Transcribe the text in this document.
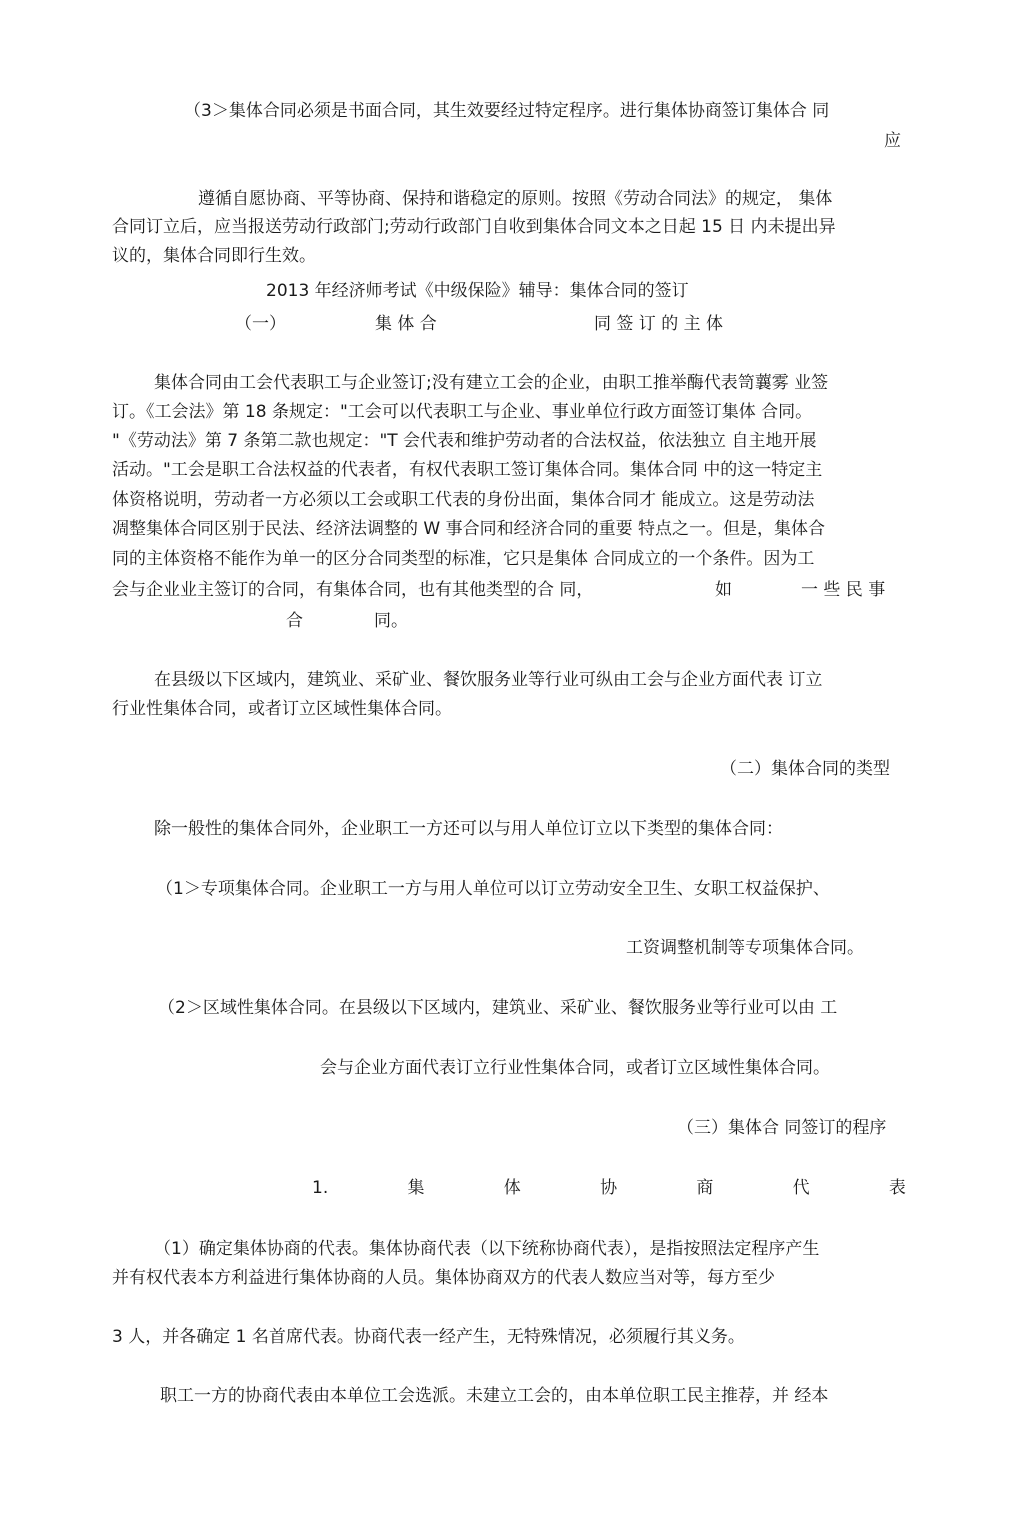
（3＞集体合同必须是书面合同，其生效要经过特定程序。进行集体协商签订集体合 同

应

遵循自愿协商、平等协商、保持和谐稳定的原则。按照《劳动合同法》的规定， 集体

合同订立后，应当报送劳动行政部门;劳动行政部门自收到集体合同文本之日起 15 日 内未提出异

议的，集体合同即行生效。

2013 年经济师考试《中级保险》辅导：集体合同的签订

（一）	集 体 合	同 签 订 的 主 体

集体合同由工会代表职工与企业签订;没有建立工会的企业，由职工推举酶代表笥蘘雾 业签

订。《工会法》第 18 条规定："工会可以代表职工与企业、事业单位行政方面签订集体 合同。

"《劳动法》第 7 条第二款也规定："T 会代表和维护劳动者的合法权益，依法独立 自主地开展

活动。"工会是职工合法权益的代表者，有权代表职工签订集体合同。集体合同 中的这一特定主

体资格说明，劳动者一方必须以工会或职工代表的身份出面，集体合同才 能成立。这是劳动法

凋整集体合同区别于民法、经济法调整的 W 事合同和经济合同的重要 特点之一。但是，集体合

同的主体资格不能作为单一的区分合同类型的标准，它只是集体 合同成立的一个条件。因为工

会与企业业主签订的合同，有集体合同，也有其他类型的合 同，	如	一 些 民 事

合	同。

在县级以下区域内，建筑业、采矿业、餐饮服务业等行业可纵由工会与企业方面代表 订立

行业性集体合同，或者订立区域性集体合同。

（二）集体合同的类型

除一般性的集体合同外，企业职工一方还可以与用人单位订立以下类型的集体合同：

（1＞专项集体合同。企业职工一方与用人单位可以订立劳动安全卫生、女职工权益保护、

工资调整机制等专项集体合同。

（2＞区域性集体合同。在县级以下区域内，建筑业、采矿业、餐饮服务业等行业可以由 工

会与企业方面代表订立行业性集体合同，或者订立区域性集体合同。

（三）集体合 同签订的程序

1.	集	体	协	商	代	表

（1）确定集体协商的代表。集体协商代表（以下统称协商代表），是指按照法定程序产生

并有权代表本方利益进行集体协商的人员。集体协商双方的代表人数应当对等，每方至少

3 人，并各确定 1 名首席代表。协商代表一经产生，无特殊情况，必须履行其义务。

职工一方的协商代表由本单位工会选派。未建立工会的，由本单位职工民主推荐，并 经本
